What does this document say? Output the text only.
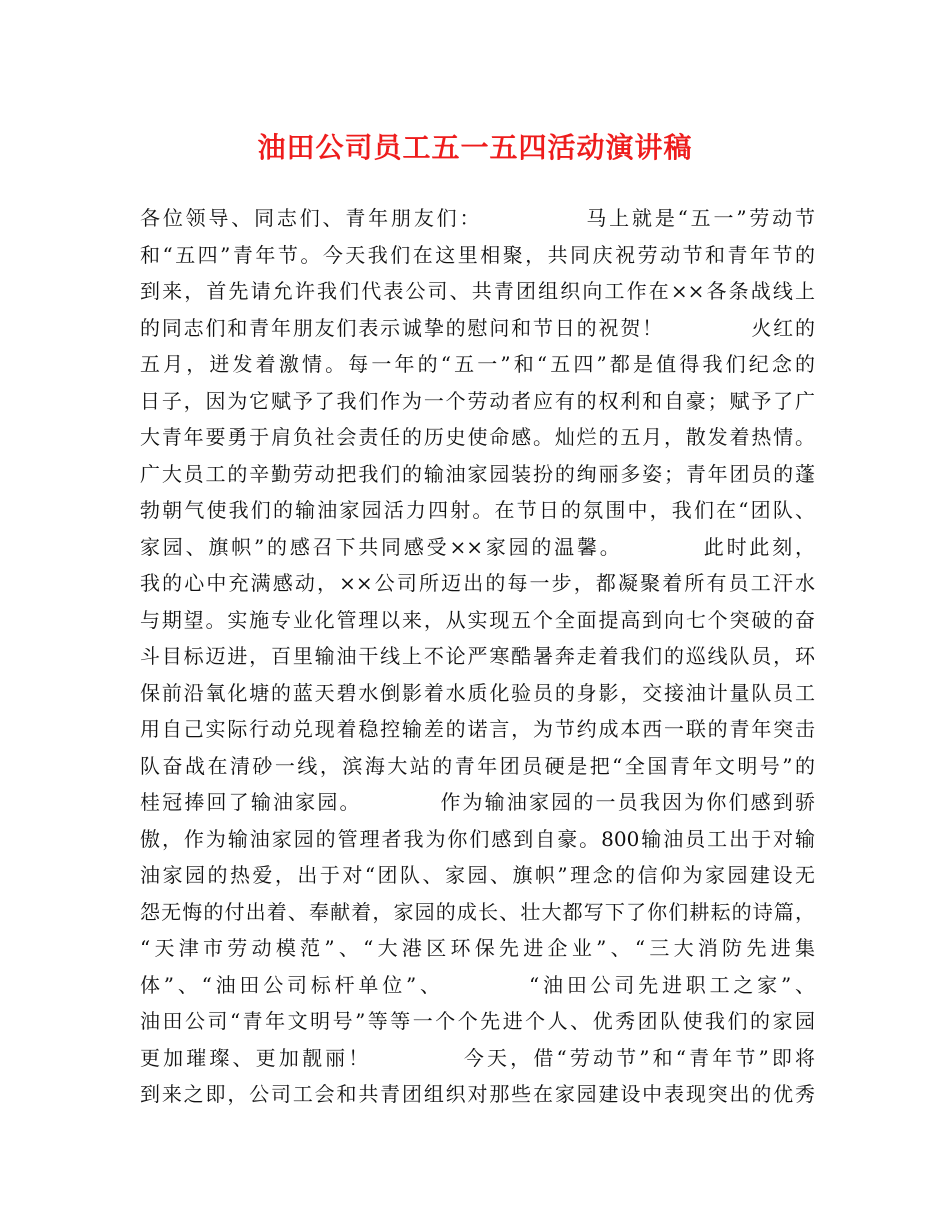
油田公司员工五一五四活动演讲稿
各位领导、同志们、青年朋友们：　　　　　马上就是“五一”劳动节
和“五四”青年节。今天我们在这里相聚，共同庆祝劳动节和青年节的
到来，首先请允许我们代表公司、共青团组织向工作在××各条战线上
的同志们和青年朋友们表示诚挚的慰问和节日的祝贺！　　　　火红的
五月，迸发着激情。每一年的“五一”和“五四”都是值得我们纪念的
日子，因为它赋予了我们作为一个劳动者应有的权利和自豪；赋予了广
大青年要勇于肩负社会责任的历史使命感。灿烂的五月，散发着热情。
广大员工的辛勤劳动把我们的输油家园装扮的绚丽多姿；青年团员的蓬
勃朝气使我们的输油家园活力四射。在节日的氛围中，我们在“团队、
家园、旗帜”的感召下共同感受××家园的温馨。　　　　此时此刻，
我的心中充满感动，××公司所迈出的每一步，都凝聚着所有员工汗水
与期望。实施专业化管理以来，从实现五个全面提高到向七个突破的奋
斗目标迈进，百里输油干线上不论严寒酷暑奔走着我们的巡线队员，环
保前沿氧化塘的蓝天碧水倒影着水质化验员的身影，交接油计量队员工
用自己实际行动兑现着稳控输差的诺言，为节约成本西一联的青年突击
队奋战在清砂一线，滨海大站的青年团员硬是把“全国青年文明号”的
桂冠捧回了输油家园。　　　　作为输油家园的一员我因为你们感到骄
傲，作为输油家园的管理者我为你们感到自豪。800输油员工出于对输
油家园的热爱，出于对“团队、家园、旗帜”理念的信仰为家园建设无
怨无悔的付出着、奉献着，家园的成长、壮大都写下了你们耕耘的诗篇，
“天津市劳动模范”、“大港区环保先进企业”、“三大消防先进集
体”、“油田公司标杆单位”、　　　　“油田公司先进职工之家”、
油田公司“青年文明号”等等一个个先进个人、优秀团队使我们的家园
更加璀璨、更加靓丽！　　　　今天，借“劳动节”和“青年节”即将
到来之即，公司工会和共青团组织对那些在家园建设中表现突出的优秀
